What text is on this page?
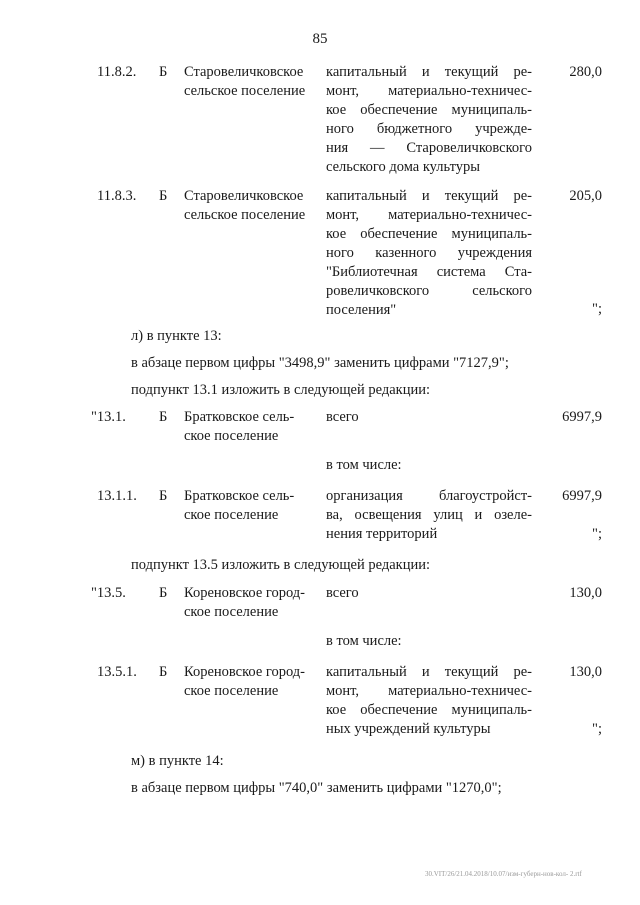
85
11.8.2. Б Старовеличковское
сельское поселение
капитальный и текущий ре-
монт, материально-техничес-
кое обеспечение муниципаль-
ного бюджетного учрежде-
ния — Старовеличковского
сельского дома культуры
280,0
11.8.3. Б Старовеличковское
сельское поселение
капитальный и текущий ре-
монт, материально-техничес-
кое обеспечение муниципаль-
ного казенного учреждения
"Библиотечная система Ста-
ровеличковского сельского
поселения"
205,0
";
л) в пункте 13:
в абзаце первом цифры "3498,9" заменить цифрами "7127,9";
подпункт 13.1 изложить в следующей редакции:
"13.1. Б Братковское сель-
ское поселение
всего	6997,9
в том числе:
13.1.1. Б Братковское сель-
ское поселение
организация благоустройст-
ва, освещения улиц и озеле-
нения территорий
6997,9
";
подпункт 13.5 изложить в следующей редакции:
"13.5. Б Кореновское город-
ское поселение
всего	130,0
в том числе:
13.5.1. Б Кореновское город-
ское поселение
капитальный и текущий ре-
монт, материально-техничес-
кое обеспечение муниципаль-
ных учреждений культуры
130,0
";
м) в пункте 14:
в абзаце первом цифры "740,0" заменить цифрами "1270,0";
30.VIT/26/21.04.2018/10.07/изм-губерн-нов-кол- 2.rtf
